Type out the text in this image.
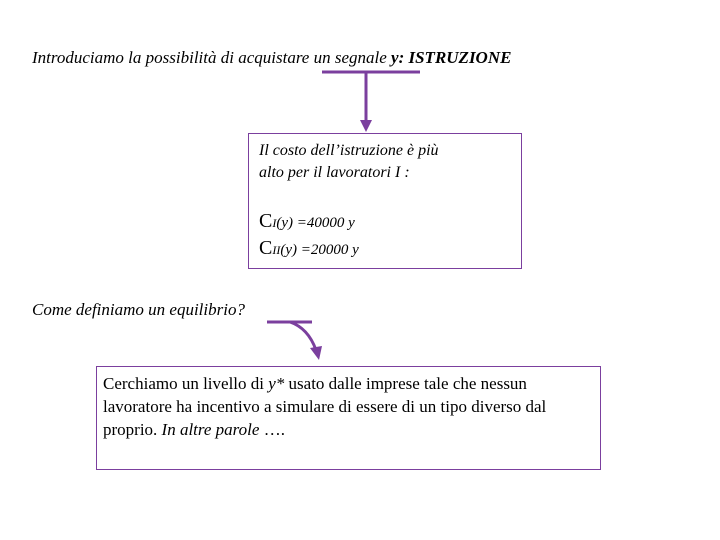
Introduciamo la possibilità di acquistare un segnale y: ISTRUZIONE
Il costo dell’istruzione è più
alto per il lavoratori I :
CI(y) =40000 y
CII(y) =20000 y
Come definiamo un equilibrio?
Cerchiamo un livello di y* usato dalle imprese tale che nessun lavoratore ha incentivo a simulare di essere di un tipo diverso dal proprio. In altre parole ….
